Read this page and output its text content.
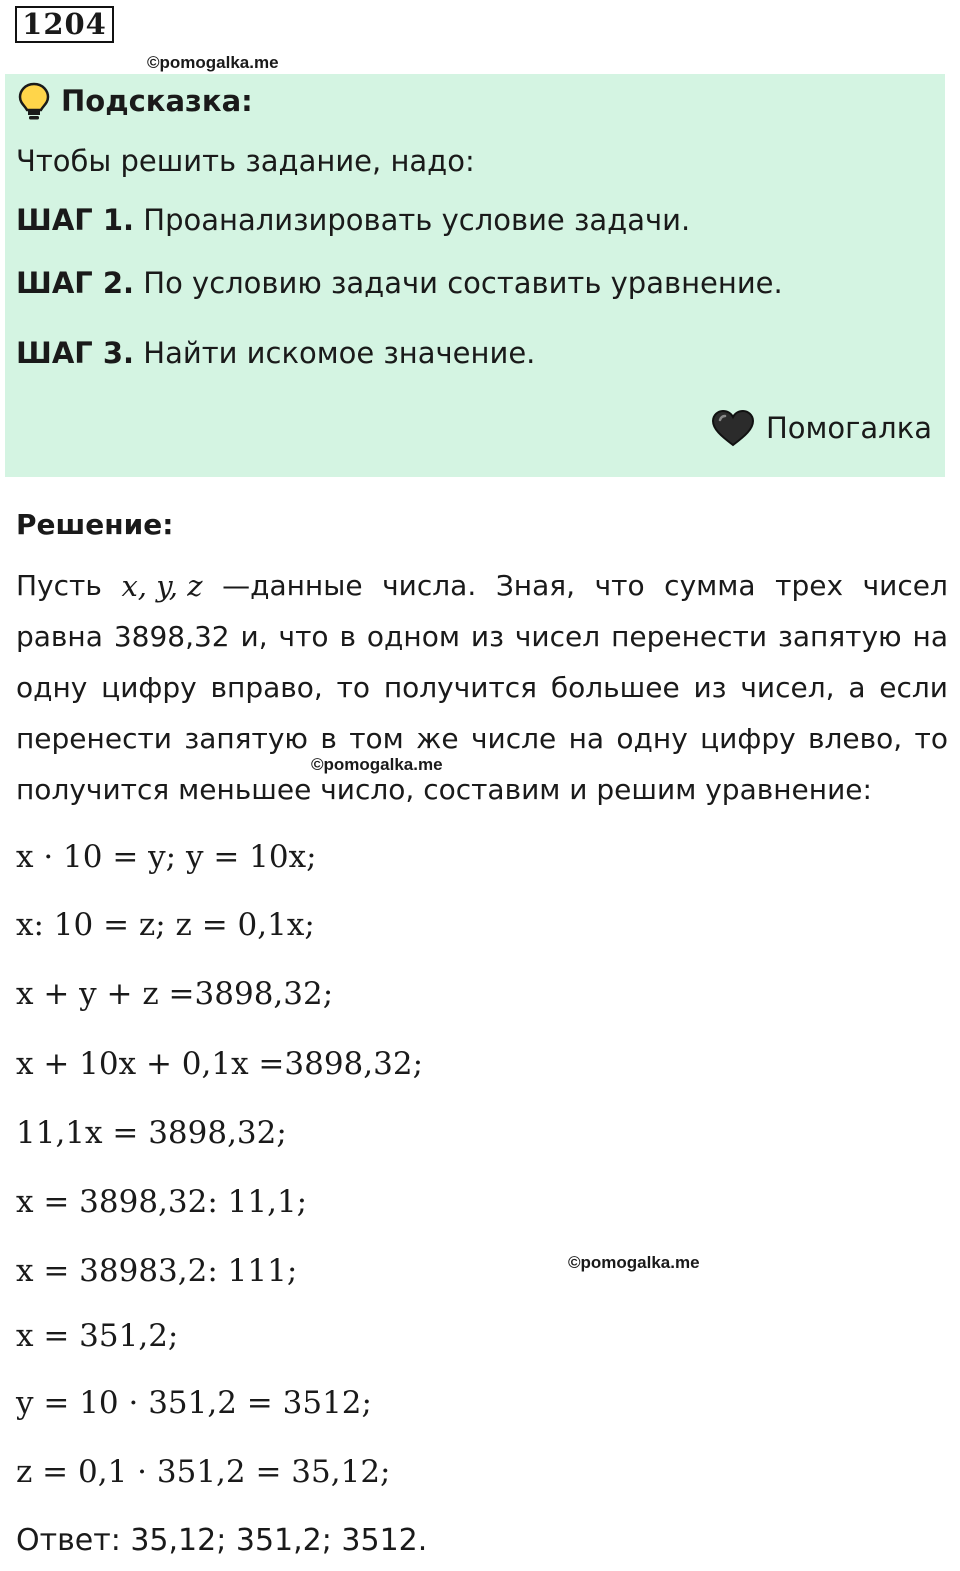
1204
©pomogalka.me
Подсказка:
Чтобы решить задание, надо:
ШАГ 1. Проанализировать условие задачи.
ШАГ 2. По условию задачи составить уравнение.
ШАГ 3. Найти искомое значение.
Помогалка
Решение:
Пусть x, y, z —данные числа. Зная, что сумма трех чисел
равна 3898,32 и, что в одном из чисел перенести запятую на
одну цифру вправо, то получится большее из чисел, а если
перенести запятую в том же числе на одну цифру влево, то
©pomogalka.me
получится меньшее число, составим и решим уравнение:
x · 10 = y; y = 10x;
x: 10 = z; z = 0,1x;
x + y + z =3898,32;
x + 10x + 0,1x =3898,32;
11,1x = 3898,32;
x = 3898,32: 11,1;
x = 38983,2: 111;	©pomogalka.me
x = 351,2;
y = 10 · 351,2 = 3512;
z = 0,1 · 351,2 = 35,12;
Ответ: 35,12; 351,2; 3512.
